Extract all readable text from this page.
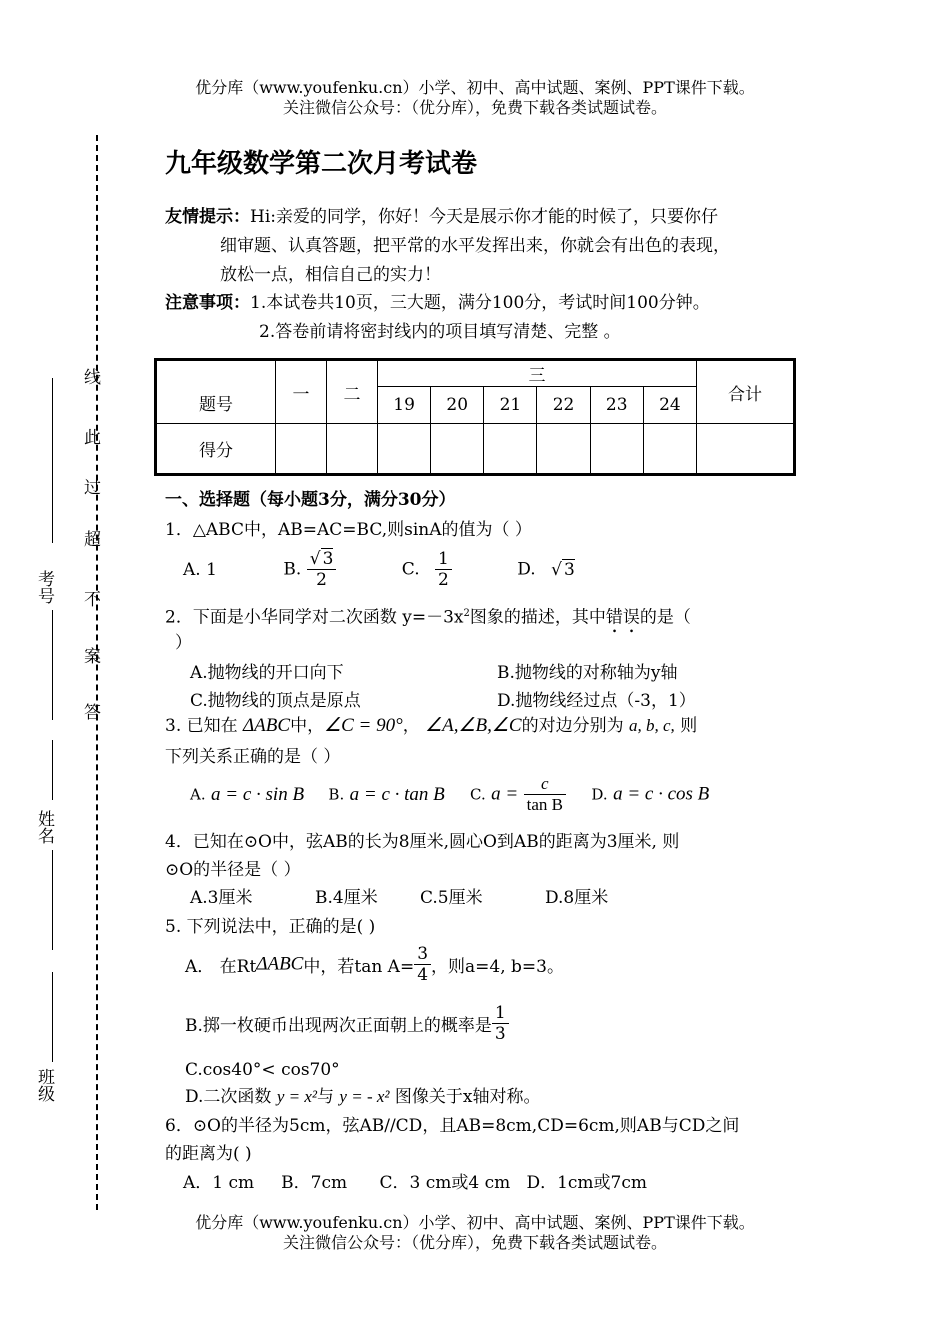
优分库（www.youfenku.cn）小学、初中、高中试题、案例、PPT课件下载。
关注微信公众号：（优分库），免费下载各类试题试卷。
线
此
过
超
不
案
答
考号
姓名
班级
九年级数学第二次月考试卷
友情提示：Hi:亲爱的同学，你好！今天是展示你才能的时候了，只要你仔
细审题、认真答题，把平常的水平发挥出来，你就会有出色的表现，
放松一点，相信自己的实力！
注意事项：1.本试卷共10页，三大题，满分100分，考试时间100分钟。
2.答卷前请将密封线内的项目填写清楚、完整 。
题号	一	二	三						合计
			19	20	21	22	23	24	
得分									
一、选择题（每小题3分，满分30分）
1．△ABC中，AB=AC=BC,则sinA的值为（ ）
A. 1	B. $\frac{√ 3}{2}$	C. $\frac{1}{2}$	D. √ 3
2．下面是小华同学对二次函数 $y=-3x^2$图象的描述，其中错误的是（
）
A.抛物线的开口向下	B.抛物线的对称轴为y轴
C.抛物线的顶点是原点	D.抛物线经过点（-3，1）
3. 已知在 ΔABC中，∠C = 90°， ∠A,∠B,∠C的对边分别为 a, b, c, 则
下列关系正确的是（ ）
A. a = c · sin B B. a = c · tan B C. $a = \frac{c}{\text{tan B}} D$. a = c · cos B
4．已知在⊙O中，弦AB的长为8厘米,圆心O到AB的距离为3厘米, 则
⊙O的半径是（ ）
A.3厘米	B.4厘米 C.5厘米	D.8厘米
5. 下列说法中，正确的是( )
A． 在RtΔABC中，若$\tan A= \frac{3}{4}$ ，则a=4, b=3。
B.掷一枚硬币出现两次正面朝上的概率是 $\frac{1}{3}$
C.cos40°< cos70°
D.二次函数 y = x²与 y = - x² 图像关于x轴对称。
6．⊙O的半径为5cm，弦AB//CD，且AB=8cm,CD=6cm,则AB与CD之间
的距离为( )
A．1 cm     B．7cm      C．3 cm或4 cm   D．1cm或7cm
优分库（www.youfenku.cn）小学、初中、高中试题、案例、PPT课件下载。
关注微信公众号：（优分库），免费下载各类试题试卷。
